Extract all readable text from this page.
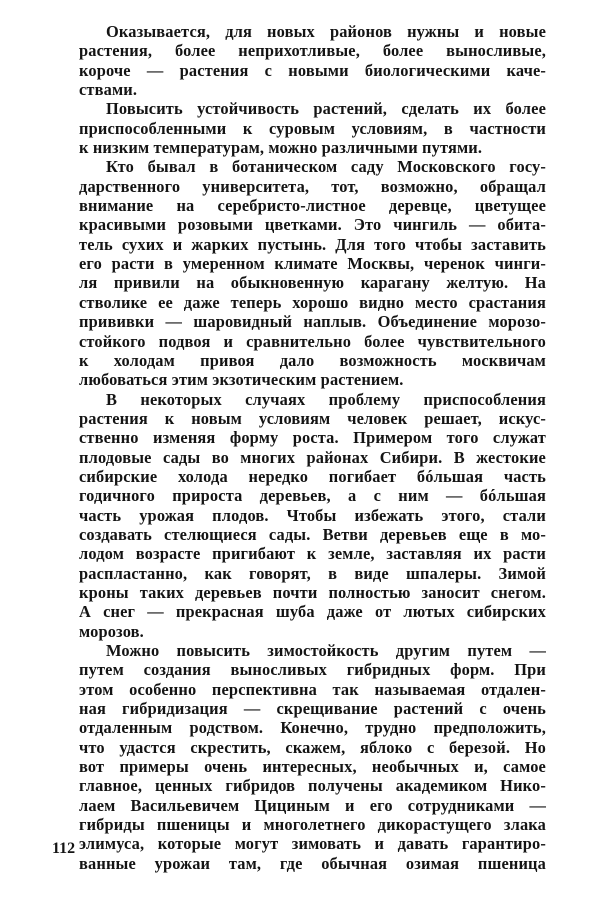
Оказывается, для новых районов нужны и новые
растения, более неприхотливые, более выносливые,
короче — растения с новыми биологическими каче-
ствами.
Повысить устойчивость растений, сделать их более
приспособленными к суровым условиям, в частности
к низким температурам, можно различными путями.
Кто бывал в ботаническом саду Московского госу-
дарственного университета, тот, возможно, обращал
внимание на серебристо-листное деревце, цветущее
красивыми розовыми цветками. Это чингиль — обита-
тель сухих и жарких пустынь. Для того чтобы заставить
его расти в умеренном климате Москвы, черенок чинги-
ля привили на обыкновенную карагану желтую. На
стволике ее даже теперь хорошо видно место срастания
прививки — шаровидный наплыв. Объединение морозо-
стойкого подвоя и сравнительно более чувствительного
к холодам привоя дало возможность москвичам
любоваться этим экзотическим растением.
В некоторых случаях проблему приспособления
растения к новым условиям человек решает, искус-
ственно изменяя форму роста. Примером того служат
плодовые сады во многих районах Сибири. В жестокие
сибирские холода нередко погибает бóльшая часть
годичного прироста деревьев, а с ним — бóльшая
часть урожая плодов. Чтобы избежать этого, стали
создавать стелющиеся сады. Ветви деревьев еще в мо-
лодом возрасте пригибают к земле, заставляя их расти
распластанно, как говорят, в виде шпалеры. Зимой
кроны таких деревьев почти полностью заносит снегом.
А снег — прекрасная шуба даже от лютых сибирских
морозов.
Можно повысить зимостойкость другим путем —
путем создания выносливых гибридных форм. При
этом особенно перспективна так называемая отдален-
ная гибридизация — скрещивание растений с очень
отдаленным родством. Конечно, трудно предположить,
что удастся скрестить, скажем, яблоко с березой. Но
вот примеры очень интересных, необычных и, самое
главное, ценных гибридов получены академиком Нико-
лаем Васильевичем Цициным и его сотрудниками —
гибриды пшеницы и многолетнего дикорастущего злака
элимуса, которые могут зимовать и давать гарантиро-
ванные урожаи там, где обычная озимая пшеница
112
